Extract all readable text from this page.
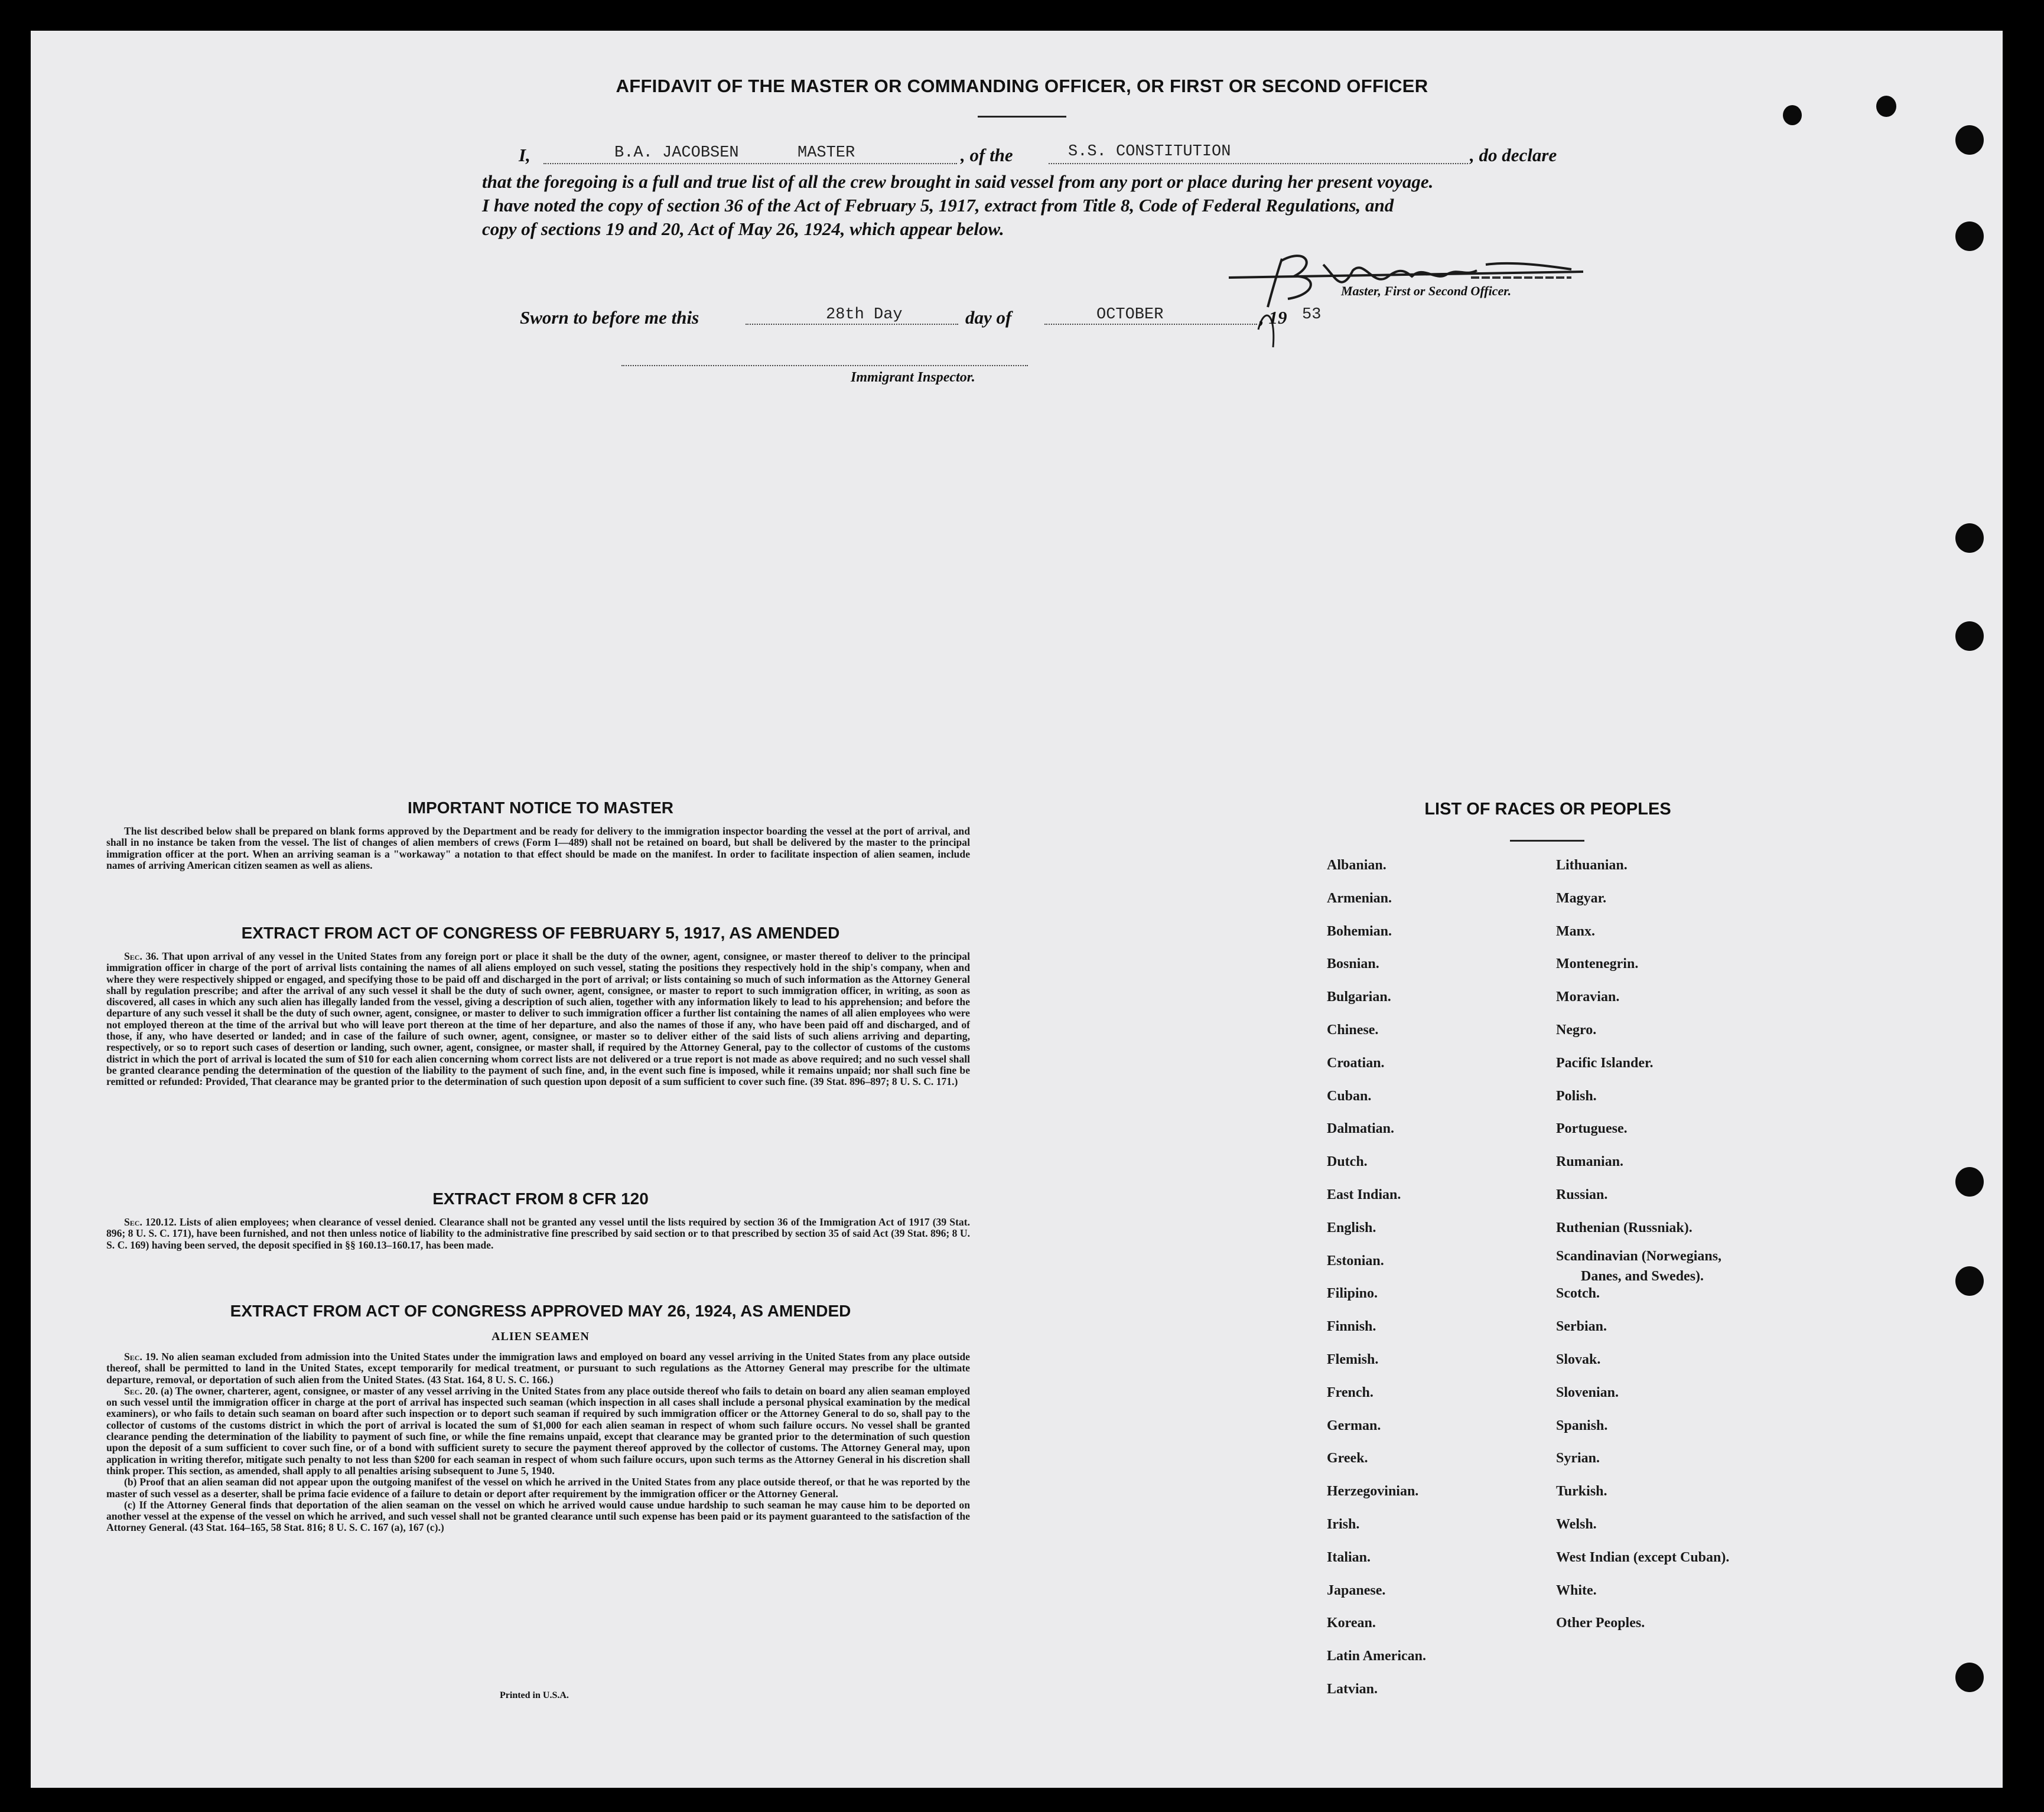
AFFIDAVIT OF THE MASTER OR COMMANDING OFFICER, OR FIRST OR SECOND OFFICER
I,	B.A. JACOBSEN	MASTER	, of the	S.S. CONSTITUTION	, do declare
that the foregoing is a full and true list of all the crew brought in said vessel from any port or place during her present voyage.
I have noted the copy of section 36 of the Act of February 5, 1917, extract from Title 8, Code of Federal Regulations, and
copy of sections 19 and 20, Act of May 26, 1924, which appear below.
Master, First or Second Officer.
Sworn to before me this	28th Day	day of	OCTOBER	, 19 53
Immigrant Inspector.
IMPORTANT NOTICE TO MASTER

The list described below shall be prepared on blank forms approved by the Department and be ready for delivery to the immigration inspector boarding the vessel at the port of arrival, and shall in no instance be taken from the vessel. The list of changes of alien members of crews (Form I—489) shall not be retained on board, but shall be delivered by the master to the principal immigration officer at the port. When an arriving seaman is a "workaway" a notation to that effect should be made on the manifest. In order to facilitate inspection of alien seamen, include names of arriving American citizen seamen as well as aliens.

EXTRACT FROM ACT OF CONGRESS OF FEBRUARY 5, 1917, AS AMENDED

Sec. 36. That upon arrival of any vessel in the United States from any foreign port or place it shall be the duty of the owner, agent, consignee, or master thereof to deliver to the principal immigration officer in charge of the port of arrival lists containing the names of all aliens employed on such vessel, stating the positions they respectively hold in the ship's company, when and where they were respectively shipped or engaged, and specifying those to be paid off and discharged in the port of arrival; or lists containing so much of such information as the Attorney General shall by regulation prescribe; and after the arrival of any such vessel it shall be the duty of such owner, agent, consignee, or master to report to such immigration officer, in writing, as soon as discovered, all cases in which any such alien has illegally landed from the vessel, giving a description of such alien, together with any information likely to lead to his apprehension; and before the departure of any such vessel it shall be the duty of such owner, agent, consignee, or master to deliver to such immigration officer a further list containing the names of all alien employees who were not employed thereon at the time of the arrival but who will leave port thereon at the time of her departure, and also the names of those if any, who have been paid off and discharged, and of those, if any, who have deserted or landed; and in case of the failure of such owner, agent, consignee, or master so to deliver either of the said lists of such aliens arriving and departing, respectively, or so to report such cases of desertion or landing, such owner, agent, consignee, or master shall, if required by the Attorney General, pay to the collector of customs of the customs district in which the port of arrival is located the sum of $10 for each alien concerning whom correct lists are not delivered or a true report is not made as above required; and no such vessel shall be granted clearance pending the determination of the question of the liability to the payment of such fine, and, in the event such fine is imposed, while it remains unpaid; nor shall such fine be remitted or refunded: Provided, That clearance may be granted prior to the determination of such question upon deposit of a sum sufficient to cover such fine. (39 Stat. 896–897; 8 U. S. C. 171.)

EXTRACT FROM 8 CFR 120

Sec. 120.12. Lists of alien employees; when clearance of vessel denied. Clearance shall not be granted any vessel until the lists required by section 36 of the Immigration Act of 1917 (39 Stat. 896; 8 U. S. C. 171), have been furnished, and not then unless notice of liability to the administrative fine prescribed by said section or to that prescribed by section 35 of said Act (39 Stat. 896; 8 U. S. C. 169) having been served, the deposit specified in §§ 160.13–160.17, has been made.

EXTRACT FROM ACT OF CONGRESS APPROVED MAY 26, 1924, AS AMENDED
ALIEN SEAMEN

Sec. 19. No alien seaman excluded from admission into the United States under the immigration laws and employed on board any vessel arriving in the United States from any place outside thereof, shall be permitted to land in the United States, except temporarily for medical treatment, or pursuant to such regulations as the Attorney General may prescribe for the ultimate departure, removal, or deportation of such alien from the United States. (43 Stat. 164, 8 U. S. C. 166.)

Sec. 20. (a) The owner, charterer, agent, consignee, or master of any vessel arriving in the United States from any place outside thereof who fails to detain on board any alien seaman employed on such vessel until the immigration officer in charge at the port of arrival has inspected such seaman (which inspection in all cases shall include a personal physical examination by the medical examiners), or who fails to detain such seaman on board after such inspection or to deport such seaman if required by such immigration officer or the Attorney General to do so, shall pay to the collector of customs of the customs district in which the port of arrival is located the sum of $1,000 for each alien seaman in respect of whom such failure occurs. No vessel shall be granted clearance pending the determination of the liability to payment of such fine, or while the fine remains unpaid, except that clearance may be granted prior to the determination of such question upon the deposit of a sum sufficient to cover such fine, or of a bond with sufficient surety to secure the payment thereof approved by the collector of customs. The Attorney General may, upon application in writing therefor, mitigate such penalty to not less than $200 for each seaman in respect of whom such failure occurs, upon such terms as the Attorney General in his discretion shall think proper. This section, as amended, shall apply to all penalties arising subsequent to June 5, 1940.

(b) Proof that an alien seaman did not appear upon the outgoing manifest of the vessel on which he arrived in the United States from any place outside thereof, or that he was reported by the master of such vessel as a deserter, shall be prima facie evidence of a failure to detain or deport after requirement by the immigration officer or the Attorney General.

(c) If the Attorney General finds that deportation of the alien seaman on the vessel on which he arrived would cause undue hardship to such seaman he may cause him to be deported on another vessel at the expense of the vessel on which he arrived, and such vessel shall not be granted clearance until such expense has been paid or its payment guaranteed to the satisfaction of the Attorney General. (43 Stat. 164–165, 58 Stat. 816; 8 U. S. C. 167 (a), 167 (c).)

Printed in U.S.A.
LIST OF RACES OR PEOPLES
Albanian.
Armenian.
Bohemian.
Bosnian.
Bulgarian.
Chinese.
Croatian.
Cuban.
Dalmatian.
Dutch.
East Indian.
English.
Estonian.
Filipino.
Finnish.
Flemish.
French.
German.
Greek.
Herzegovinian.
Irish.
Italian.
Japanese.
Korean.
Latin American.
Latvian.
Lithuanian.
Magyar.
Manx.
Montenegrin.
Moravian.
Negro.
Pacific Islander.
Polish.
Portuguese.
Rumanian.
Russian.
Ruthenian (Russniak).
Scandinavian (Norwegians,
Danes, and Swedes).
Scotch.
Serbian.
Slovak.
Slovenian.
Spanish.
Syrian.
Turkish.
Welsh.
West Indian (except Cuban).
White.
Other Peoples.
